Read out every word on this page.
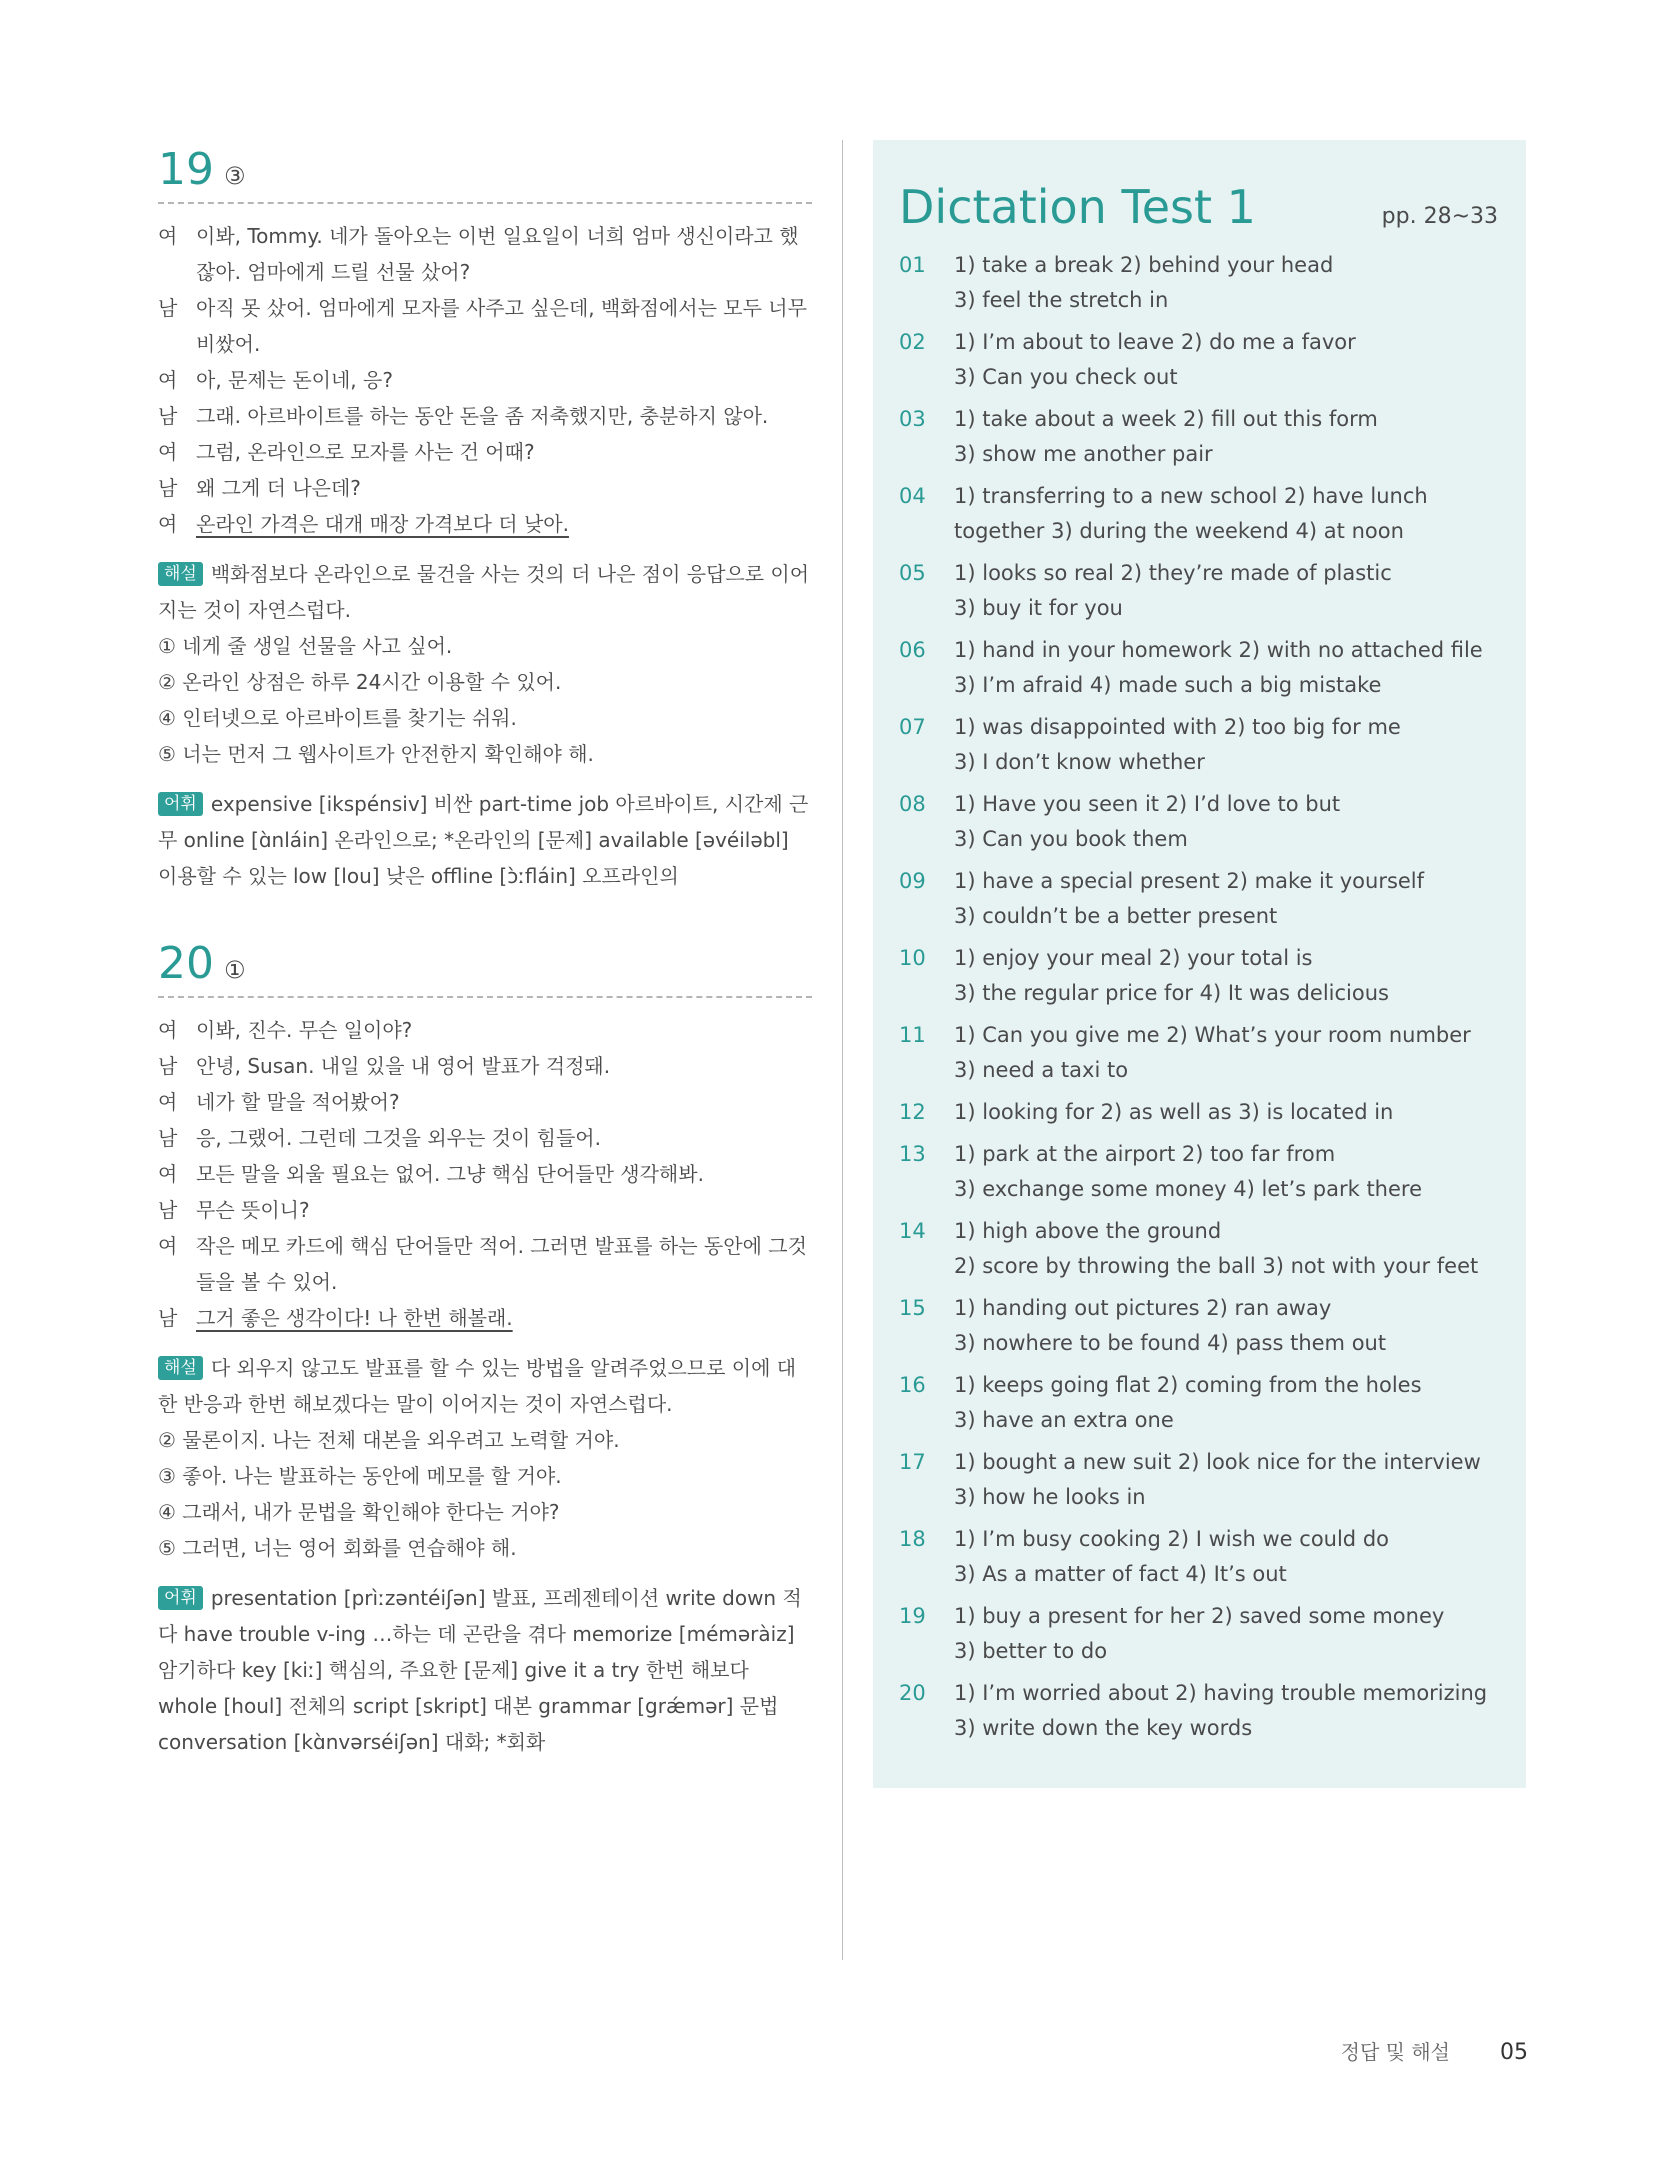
19 ③
여 이봐, Tommy. 네가 돌아오는 이번 일요일이 너희 엄마 생신이라고 했잖아. 엄마에게 드릴 선물 샀어?
남 아직 못 샀어. 엄마에게 모자를 사주고 싶은데, 백화점에서는 모두 너무 비쌌어.
여 아, 문제는 돈이네, 응?
남 그래. 아르바이트를 하는 동안 돈을 좀 저축했지만, 충분하지 않아.
여 그럼, 온라인으로 모자를 사는 건 어때?
남 왜 그게 더 나은데?
여 온라인 가격은 대개 매장 가격보다 더 낮아.
해설 백화점보다 온라인으로 물건을 사는 것의 더 나은 점이 응답으로 이어지는 것이 자연스럽다.
① 네게 줄 생일 선물을 사고 싶어.
② 온라인 상점은 하루 24시간 이용할 수 있어.
④ 인터넷으로 아르바이트를 찾기는 쉬워.
⑤ 너는 먼저 그 웹사이트가 안전한지 확인해야 해.
어휘 expensive [ikspénsiv] 비싼 part-time job 아르바이트, 시간제 근무 online [ɑ̀nláin] 온라인으로; *온라인의 [문제] available [əvéiləbl] 이용할 수 있는 low [lou] 낮은 offline [ɔ̀ːfláin] 오프라인의
20 ①
여 이봐, 진수. 무슨 일이야?
남 안녕, Susan. 내일 있을 내 영어 발표가 걱정돼.
여 네가 할 말을 적어봤어?
남 응, 그랬어. 그런데 그것을 외우는 것이 힘들어.
여 모든 말을 외울 필요는 없어. 그냥 핵심 단어들만 생각해봐.
남 무슨 뜻이니?
여 작은 메모 카드에 핵심 단어들만 적어. 그러면 발표를 하는 동안에 그것들을 볼 수 있어.
남 그거 좋은 생각이다! 나 한번 해볼래.
해설 다 외우지 않고도 발표를 할 수 있는 방법을 알려주었으므로 이에 대한 반응과 한번 해보겠다는 말이 이어지는 것이 자연스럽다.
② 물론이지. 나는 전체 대본을 외우려고 노력할 거야.
③ 좋아. 나는 발표하는 동안에 메모를 할 거야.
④ 그래서, 내가 문법을 확인해야 한다는 거야?
⑤ 그러면, 너는 영어 회화를 연습해야 해.
어휘 presentation [prìːzəntéiʃən] 발표, 프레젠테이션 write down 적다 have trouble v-ing …하는 데 곤란을 겪다 memorize [méməràiz] 암기하다 key [kiː] 핵심의, 주요한 [문제] give it a try 한번 해보다 whole [houl] 전체의 script [skript] 대본 grammar [grǽmər] 문법 conversation [kɑ̀nvərséiʃən] 대화; *회화
Dictation Test 1	pp. 28~33
01	1) take a break 2) behind your head
3) feel the stretch in
02	1) I’m about to leave 2) do me a favor
3) Can you check out
03	1) take about a week 2) fill out this form
3) show me another pair
04	1) transferring to a new school 2) have lunch
together 3) during the weekend 4) at noon
05	1) looks so real 2) they’re made of plastic
3) buy it for you
06	1) hand in your homework 2) with no attached file
3) I’m afraid 4) made such a big mistake
07	1) was disappointed with 2) too big for me
3) I don’t know whether
08	1) Have you seen it 2) I’d love to but
3) Can you book them
09	1) have a special present 2) make it yourself
3) couldn’t be a better present
10	1) enjoy your meal 2) your total is
3) the regular price for 4) It was delicious
11	1) Can you give me 2) What’s your room number
3) need a taxi to
12	1) looking for 2) as well as 3) is located in
13	1) park at the airport 2) too far from
3) exchange some money 4) let’s park there
14	1) high above the ground
2) score by throwing the ball 3) not with your feet
15	1) handing out pictures 2) ran away
3) nowhere to be found 4) pass them out
16	1) keeps going flat 2) coming from the holes
3) have an extra one
17	1) bought a new suit 2) look nice for the interview
3) how he looks in
18	1) I’m busy cooking 2) I wish we could do
3) As a matter of fact 4) It’s out
19	1) buy a present for her 2) saved some money
3) better to do
20	1) I’m worried about 2) having trouble memorizing
3) write down the key words
정답 및 해설 05
